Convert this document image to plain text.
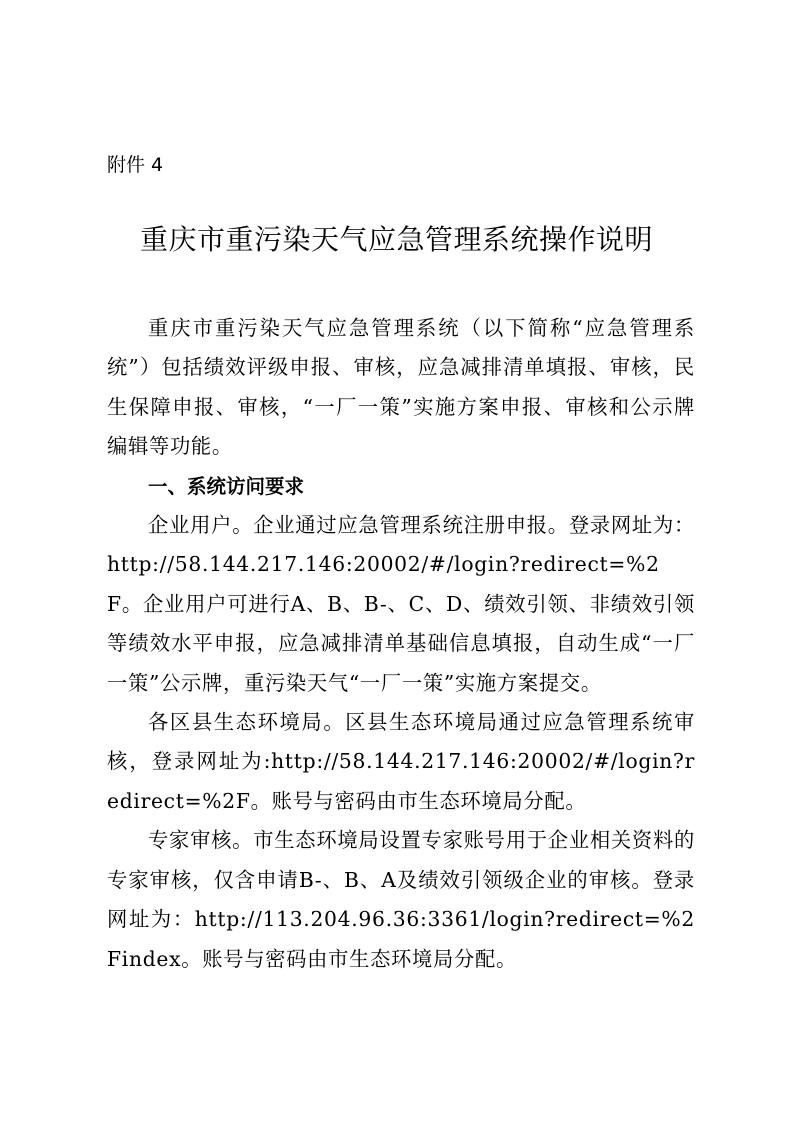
附件 4
重庆市重污染天气应急管理系统操作说明

重庆市重污染天气应急管理系统（以下简称“应急管理系统”）包括绩效评级申报、审核，应急减排清单填报、审核，民生保障申报、审核，“一厂一策”实施方案申报、审核和公示牌编辑等功能。

一、系统访问要求

企业用户。企业通过应急管理系统注册申报。登录网址为：http://58.144.217.146:20002/#/login?redirect=%2F。企业用户可进行A、B、B-、C、D、绩效引领、非绩效引领等绩效水平申报，应急减排清单基础信息填报，自动生成“一厂一策”公示牌，重污染天气“一厂一策”实施方案提交。

各区县生态环境局。区县生态环境局通过应急管理系统审核，登录网址为:http://58.144.217.146:20002/#/login?redirect=%2F。账号与密码由市生态环境局分配。

专家审核。市生态环境局设置专家账号用于企业相关资料的专家审核，仅含申请B-、B、A及绩效引领级企业的审核。登录网址为：http://113.204.96.36:3361/login?redirect=%2Findex。账号与密码由市生态环境局分配。
